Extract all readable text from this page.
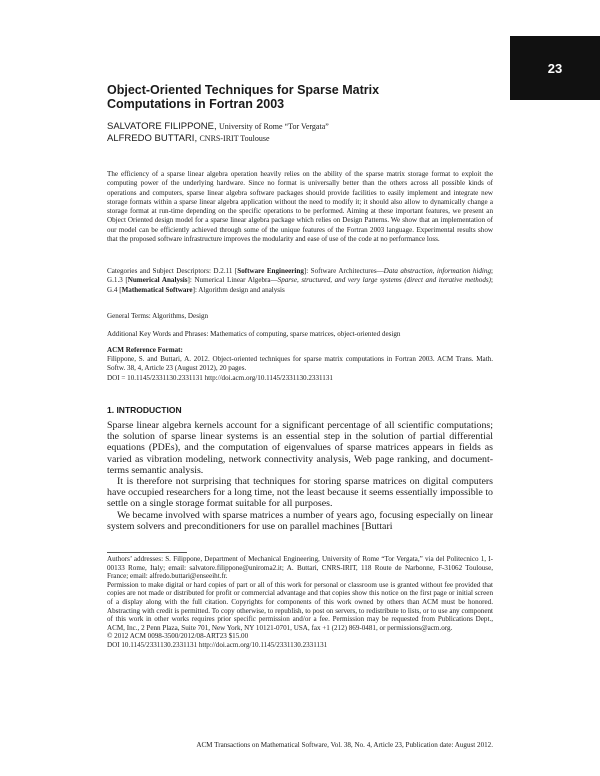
23
Object-Oriented Techniques for Sparse Matrix Computations in Fortran 2003
SALVATORE FILIPPONE, University of Rome “Tor Vergata”
ALFREDO BUTTARI, CNRS-IRIT Toulouse

The efficiency of a sparse linear algebra operation heavily relies on the ability of the sparse matrix storage format to exploit the computing power of the underlying hardware. Since no format is universally better than the others across all possible kinds of operations and computers, sparse linear algebra software packages should provide facilities to easily implement and integrate new storage formats within a sparse linear algebra application without the need to modify it; it should also allow to dynamically change a storage format at run-time depending on the specific operations to be performed. Aiming at these important features, we present an Object Oriented design model for a sparse linear algebra package which relies on Design Patterns. We show that an implementation of our model can be efficiently achieved through some of the unique features of the Fortran 2003 language. Experimental results show that the proposed software infrastructure improves the modularity and ease of use of the code at no performance loss.

Categories and Subject Descriptors: D.2.11 [Software Engineering]: Software Architectures—Data abstraction, information hiding; G.1.3 [Numerical Analysis]: Numerical Linear Algebra—Sparse, structured, and very large systems (direct and iterative methods); G.4 [Mathematical Software]: Algorithm design and analysis

General Terms: Algorithms, Design

Additional Key Words and Phrases: Mathematics of computing, sparse matrices, object-oriented design

ACM Reference Format:

Filippone, S. and Buttari, A. 2012. Object-oriented techniques for sparse matrix computations in Fortran 2003. ACM Trans. Math. Softw. 38, 4, Article 23 (August 2012), 20 pages.
DOI = 10.1145/2331130.2331131 http://doi.acm.org/10.1145/2331130.2331131
1. INTRODUCTION

Sparse linear algebra kernels account for a significant percentage of all scientific computations; the solution of sparse linear systems is an essential step in the solution of partial differential equations (PDEs), and the computation of eigenvalues of sparse matrices appears in fields as varied as vibration modeling, network connectivity analysis, Web page ranking, and document-terms semantic analysis.

It is therefore not surprising that techniques for storing sparse matrices on digital computers have occupied researchers for a long time, not the least because it seems essentially impossible to settle on a single storage format suitable for all purposes.

We became involved with sparse matrices a number of years ago, focusing especially on linear system solvers and preconditioners for use on parallel machines [Buttari

Authors’ addresses: S. Filippone, Department of Mechanical Engineering, University of Rome “Tor Vergata,” via del Politecnico 1, I-00133 Rome, Italy; email: salvatore.filippone@uniroma2.it; A. Buttari, CNRS-IRIT, 118 Route de Narbonne, F-31062 Toulouse, France; email: alfredo.buttari@enseeiht.fr.

Permission to make digital or hard copies of part or all of this work for personal or classroom use is granted without fee provided that copies are not made or distributed for profit or commercial advantage and that copies show this notice on the first page or initial screen of a display along with the full citation. Copyrights for components of this work owned by others than ACM must be honored. Abstracting with credit is permitted. To copy otherwise, to republish, to post on servers, to redistribute to lists, or to use any component of this work in other works requires prior specific permission and/or a fee. Permission may be requested from Publications Dept., ACM, Inc., 2 Penn Plaza, Suite 701, New York, NY 10121-0701, USA, fax +1 (212) 869-0481, or permissions@acm.org.

© 2012 ACM 0098-3500/2012/08-ART23 $15.00

DOI 10.1145/2331130.2331131 http://doi.acm.org/10.1145/2331130.2331131

ACM Transactions on Mathematical Software, Vol. 38, No. 4, Article 23, Publication date: August 2012.
